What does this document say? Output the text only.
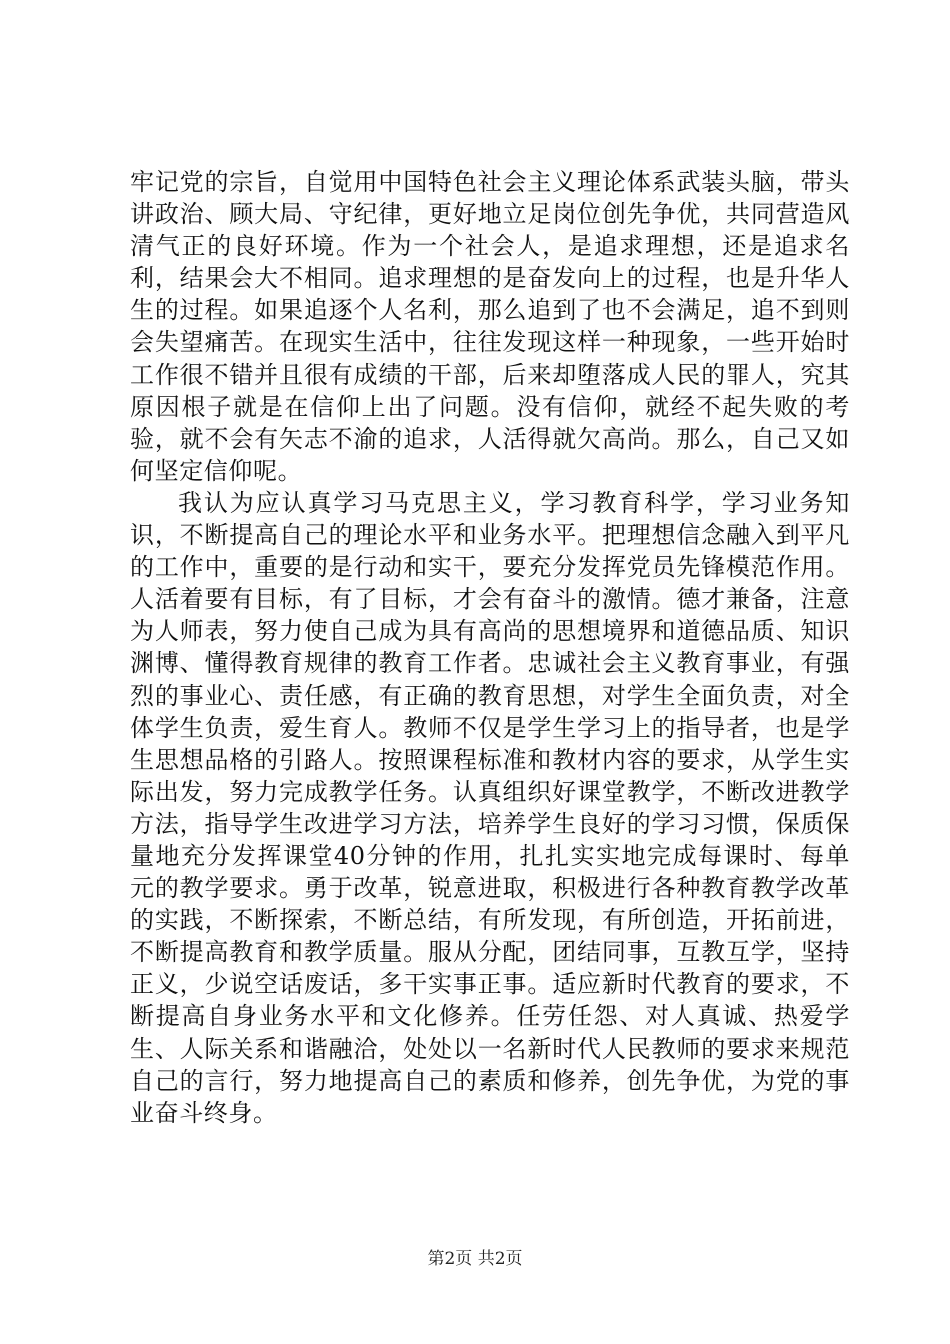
牢记党的宗旨，自觉用中国特色社会主义理论体系武装头脑，带头讲政治、顾大局、守纪律，更好地立足岗位创先争优，共同营造风清气正的良好环境。作为一个社会人，是追求理想，还是追求名利，结果会大不相同。追求理想的是奋发向上的过程，也是升华人生的过程。如果追逐个人名利，那么追到了也不会满足，追不到则会失望痛苦。在现实生活中，往往发现这样一种现象，一些开始时工作很不错并且很有成绩的干部，后来却堕落成人民的罪人，究其原因根子就是在信仰上出了问题。没有信仰，就经不起失败的考验，就不会有矢志不渝的追求，人活得就欠高尚。那么，自己又如何坚定信仰呢。

我认为应认真学习马克思主义，学习教育科学，学习业务知识，不断提高自己的理论水平和业务水平。把理想信念融入到平凡的工作中，重要的是行动和实干，要充分发挥党员先锋模范作用。人活着要有目标，有了目标，才会有奋斗的激情。德才兼备，注意为人师表，努力使自己成为具有高尚的思想境界和道德品质、知识渊博、懂得教育规律的教育工作者。忠诚社会主义教育事业，有强烈的事业心、责任感，有正确的教育思想，对学生全面负责，对全体学生负责，爱生育人。教师不仅是学生学习上的指导者，也是学生思想品格的引路人。按照课程标准和教材内容的要求，从学生实际出发，努力完成教学任务。认真组织好课堂教学，不断改进教学方法，指导学生改进学习方法，培养学生良好的学习习惯，保质保量地充分发挥课堂40分钟的作用，扎扎实实地完成每课时、每单元的教学要求。勇于改革，锐意进取，积极进行各种教育教学改革的实践，不断探索，不断总结，有所发现，有所创造，开拓前进，不断提高教育和教学质量。服从分配，团结同事，互教互学，坚持正义，少说空话废话，多干实事正事。适应新时代教育的要求，不断提高自身业务水平和文化修养。任劳任怨、对人真诚、热爱学生、人际关系和谐融洽，处处以一名新时代人民教师的要求来规范自己的言行，努力地提高自己的素质和修养，创先争优，为党的事业奋斗终身。

第2页 共2页
